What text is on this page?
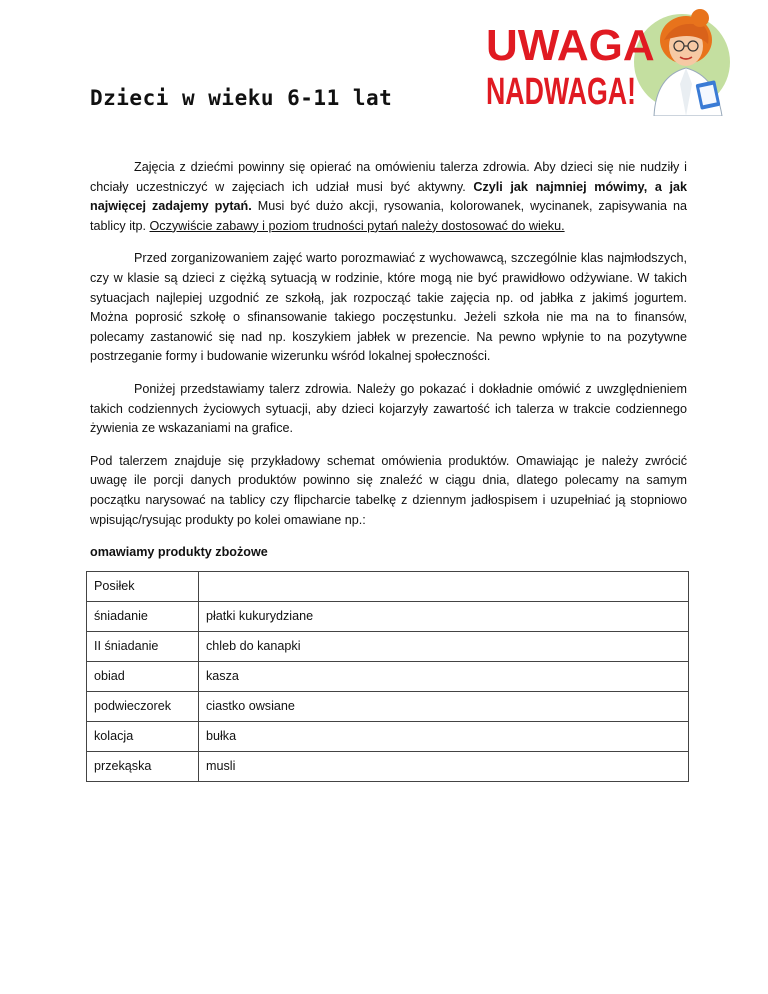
Dzieci w wieku 6-11 lat
UWAGA
NADWAGA!

Zajęcia z dziećmi powinny się opierać na omówieniu talerza zdrowia. Aby dzieci się nie nudziły i chciały uczestniczyć w zajęciach ich udział musi być aktywny. Czyli jak najmniej mówimy, a jak najwięcej zadajemy pytań. Musi być dużo akcji, rysowania, kolorowanek, wycinanek, zapisywania na tablicy itp. Oczywiście zabawy i poziom trudności pytań należy dostosować do wieku.

Przed zorganizowaniem zajęć warto porozmawiać z wychowawcą, szczególnie klas najmłodszych, czy w klasie są dzieci z ciężką sytuacją w rodzinie, które mogą nie być prawidłowo odżywiane. W takich sytuacjach najlepiej uzgodnić ze szkołą, jak rozpocząć takie zajęcia np. od jabłka z jakimś jogurtem. Można poprosić szkołę o sfinansowanie takiego poczęstunku. Jeżeli szkoła nie ma na to finansów, polecamy zastanowić się nad np. koszykiem jabłek w prezencie. Na pewno wpłynie to na pozytywne postrzeganie formy i budowanie wizerunku wśród lokalnej społeczności.

Poniżej przedstawiamy talerz zdrowia. Należy go pokazać i dokładnie omówić z uwzględnieniem takich codziennych życiowych sytuacji, aby dzieci kojarzyły zawartość ich talerza w trakcie codziennego żywienia ze wskazaniami na grafice.

Pod talerzem znajduje się przykładowy schemat omówienia produktów. Omawiając je należy zwrócić uwagę ile porcji danych produktów powinno się znaleźć w ciągu dnia, dlatego polecamy na samym początku narysować na tablicy czy flipcharcie tabelkę z dziennym jadłospisem i uzupełniać ją stopniowo wpisując/rysując produkty po kolei omawiane np.:

omawiamy produkty zbożowe
Posiłek	
śniadanie	płatki kukurydziane
II śniadanie	chleb do kanapki
obiad	kasza
podwieczorek	ciastko owsiane
kolacja	bułka
przekąska	musli
